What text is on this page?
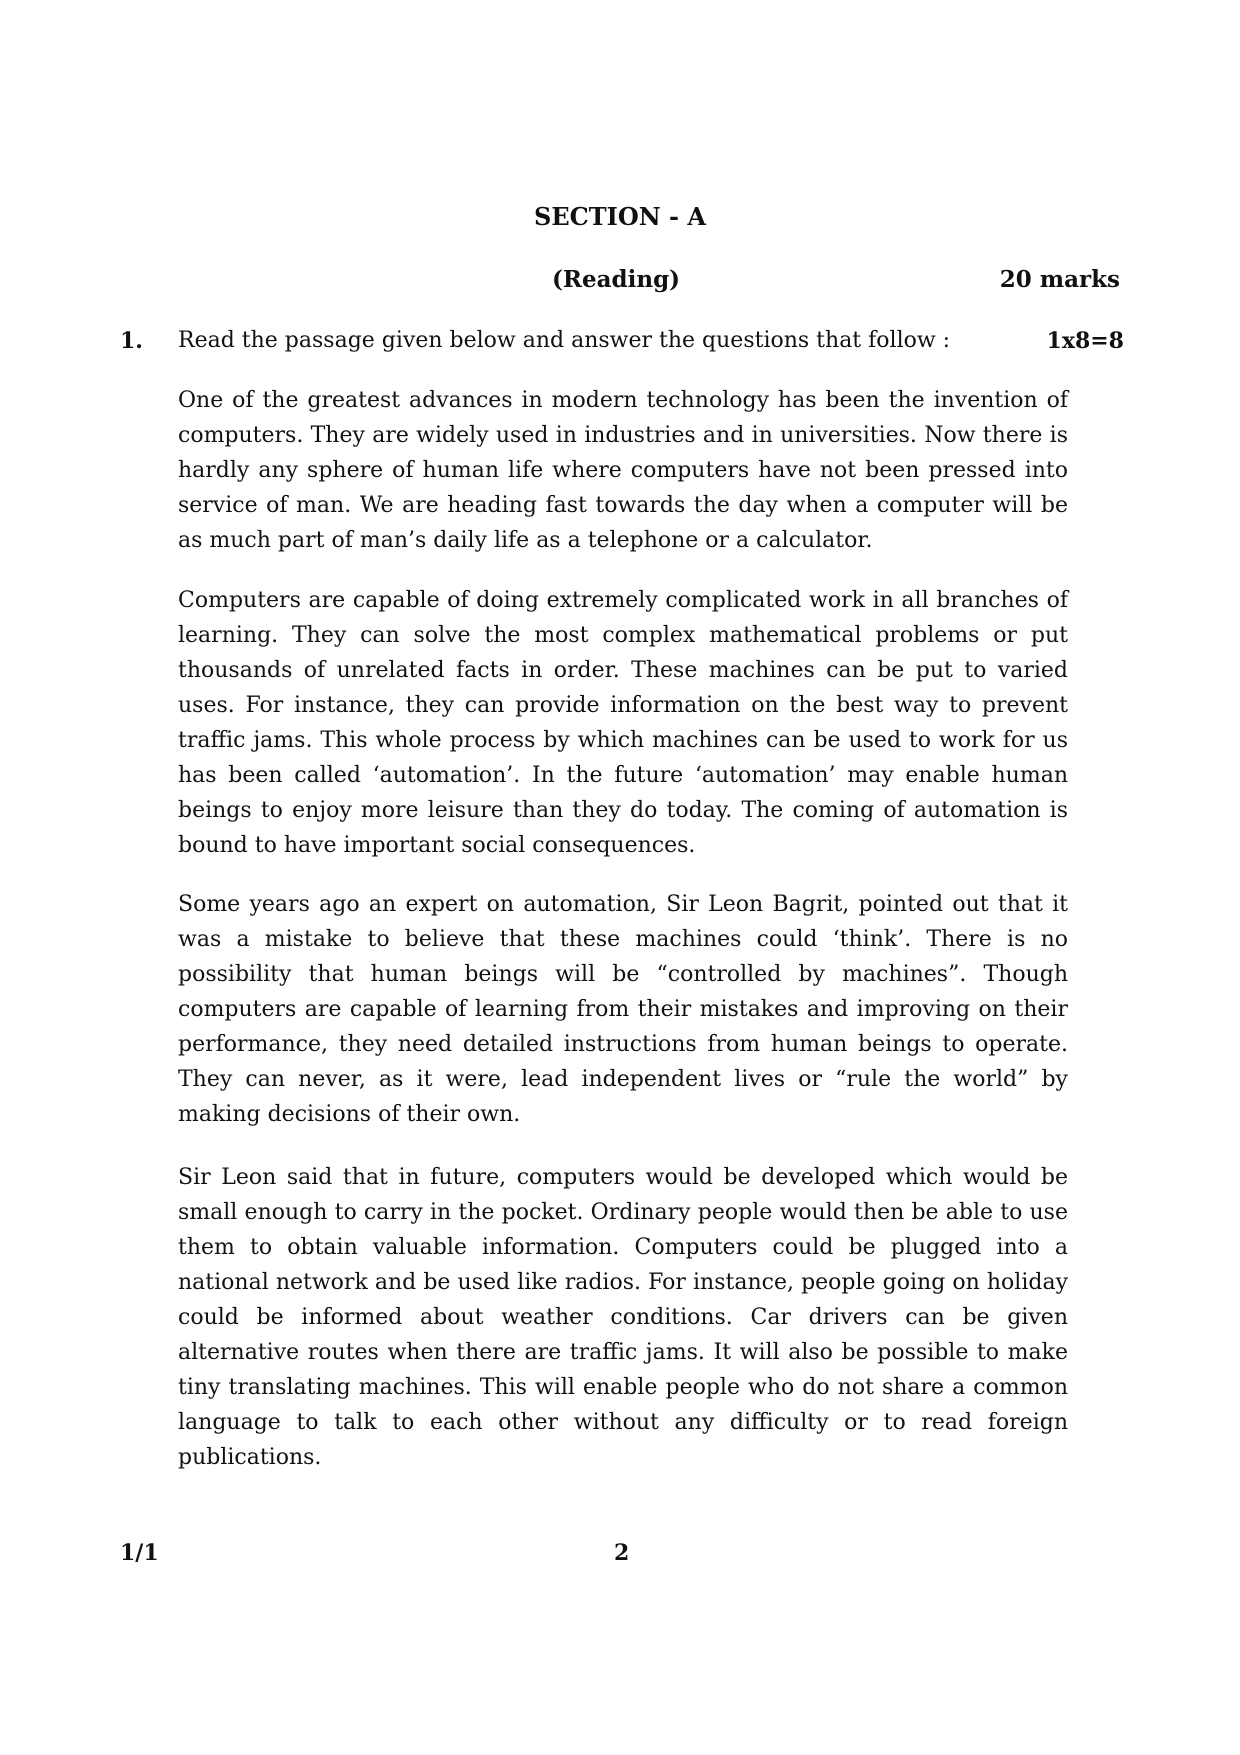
SECTION - A
(Reading)	20 marks
1. Read the passage given below and answer the questions that follow :	1x8=8

One of the greatest advances in modern technology has been the invention of computers. They are widely used in industries and in universities. Now there is hardly any sphere of human life where computers have not been pressed into service of man. We are heading fast towards the day when a computer will be as much part of man’s daily life as a telephone or a calculator.

Computers are capable of doing extremely complicated work in all branches of learning. They can solve the most complex mathematical problems or put thousands of unrelated facts in order. These machines can be put to varied uses. For instance, they can provide information on the best way to prevent traffic jams. This whole process by which machines can be used to work for us has been called ‘automation’. In the future ‘automation’ may enable human beings to enjoy more leisure than they do today. The coming of automation is bound to have important social consequences.

Some years ago an expert on automation, Sir Leon Bagrit, pointed out that it was a mistake to believe that these machines could ‘think’. There is no possibility that human beings will be “controlled by machines”. Though computers are capable of learning from their mistakes and improving on their performance, they need detailed instructions from human beings to operate. They can never, as it were, lead independent lives or “rule the world” by making decisions of their own.

Sir Leon said that in future, computers would be developed which would be small enough to carry in the pocket. Ordinary people would then be able to use them to obtain valuable information. Computers could be plugged into a national network and be used like radios. For instance, people going on holiday could be informed about weather conditions. Car drivers can be given alternative routes when there are traffic jams. It will also be possible to make tiny translating machines. This will enable people who do not share a common language to talk to each other without any difficulty or to read foreign publications.

1/1	2
